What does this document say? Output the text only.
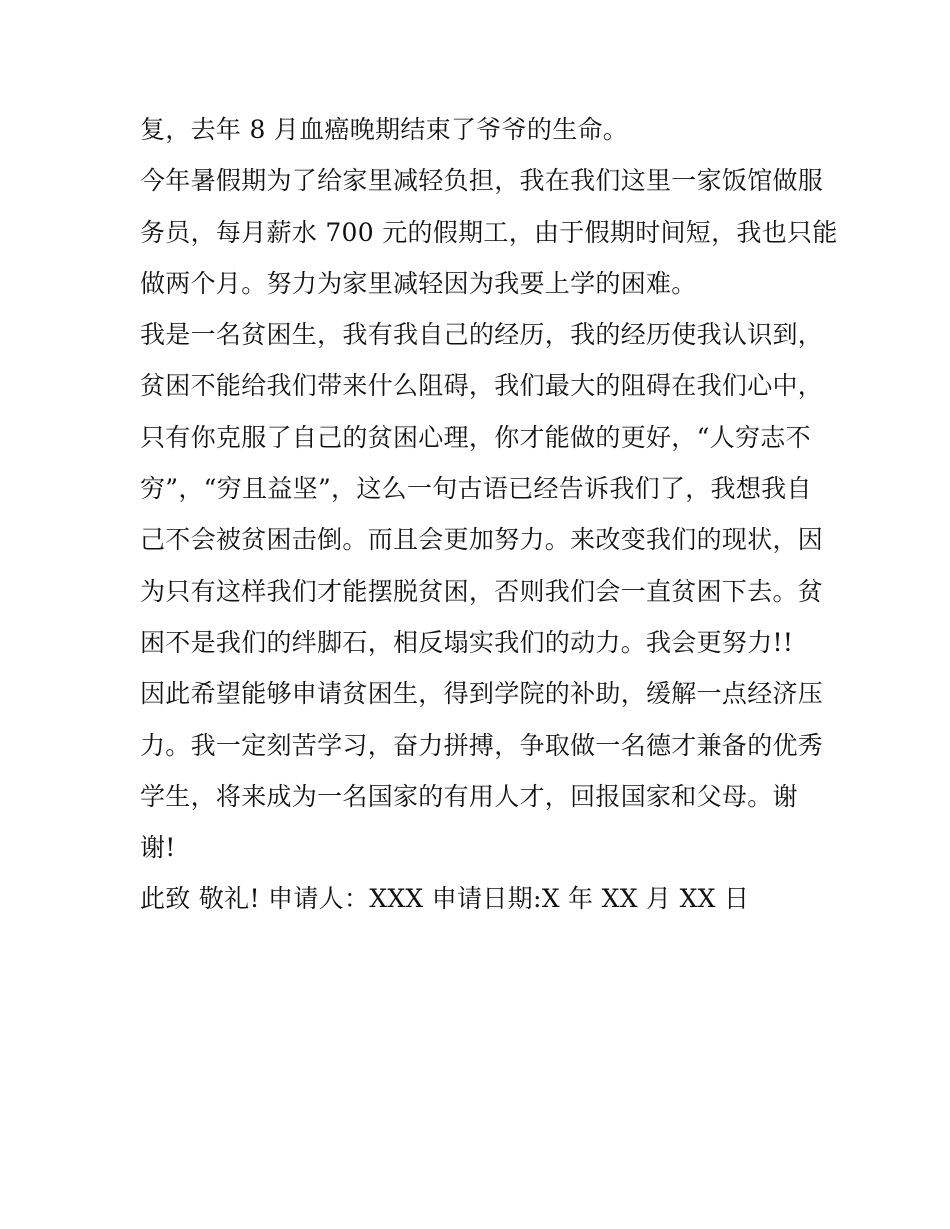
复，去年 8 月血癌晚期结束了爷爷的生命。
今年暑假期为了给家里减轻负担，我在我们这里一家饭馆做服
务员，每月薪水 700 元的假期工，由于假期时间短，我也只能
做两个月。努力为家里减轻因为我要上学的困难。
我是一名贫困生，我有我自己的经历，我的经历使我认识到，
贫困不能给我们带来什么阻碍，我们最大的阻碍在我们心中，
只有你克服了自己的贫困心理，你才能做的更好，“人穷志不
穷”，“穷且益坚”，这么一句古语已经告诉我们了，我想我自
己不会被贫困击倒。而且会更加努力。来改变我们的现状，因
为只有这样我们才能摆脱贫困，否则我们会一直贫困下去。贫
困不是我们的绊脚石，相反塌实我们的动力。我会更努力!!
因此希望能够申请贫困生，得到学院的补助，缓解一点经济压
力。我一定刻苦学习，奋力拼搏，争取做一名德才兼备的优秀
学生，将来成为一名国家的有用人才，回报国家和父母。谢
谢!
此致 敬礼! 申请人：XXX 申请日期:X 年 XX 月 XX 日
